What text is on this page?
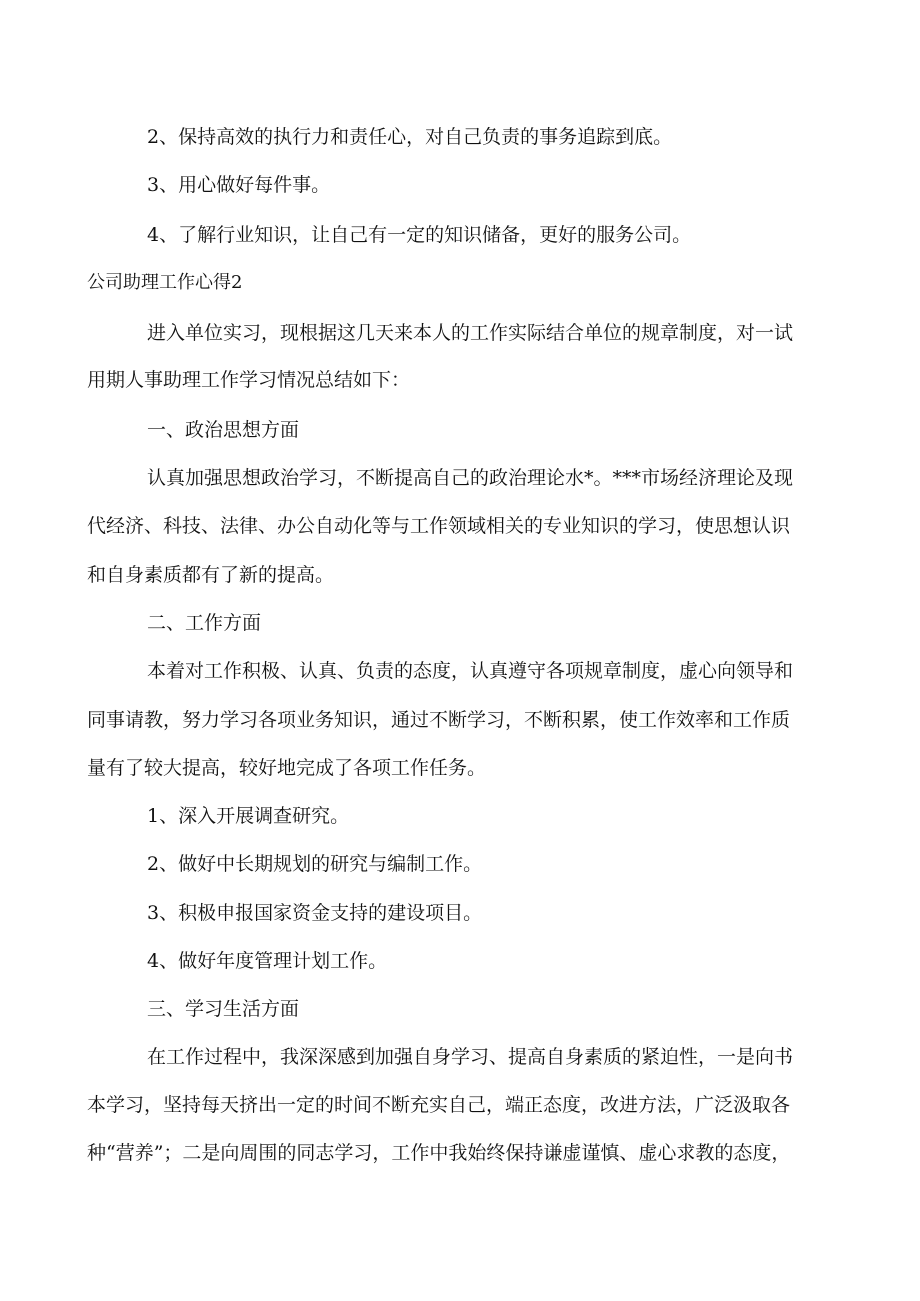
2、保持高效的执行力和责任心，对自己负责的事务追踪到底。

3、用心做好每件事。

4、了解行业知识，让自己有一定的知识储备，更好的服务公司。

公司助理工作心得2

进入单位实习，现根据这几天来本人的工作实际结合单位的规章制度，对一试

用期人事助理工作学习情况总结如下：

一、政治思想方面

认真加强思想政治学习，不断提高自己的政治理论水*。***市场经济理论及现

代经济、科技、法律、办公自动化等与工作领域相关的专业知识的学习，使思想认识

和自身素质都有了新的提高。

二、工作方面

本着对工作积极、认真、负责的态度，认真遵守各项规章制度，虚心向领导和

同事请教，努力学习各项业务知识，通过不断学习，不断积累，使工作效率和工作质

量有了较大提高，较好地完成了各项工作任务。

1、深入开展调查研究。

2、做好中长期规划的研究与编制工作。

3、积极申报国家资金支持的建设项目。

4、做好年度管理计划工作。

三、学习生活方面

在工作过程中，我深深感到加强自身学习、提高自身素质的紧迫性，一是向书

本学习，坚持每天挤出一定的时间不断充实自己，端正态度，改进方法，广泛汲取各

种“营养”；二是向周围的同志学习，工作中我始终保持谦虚谨慎、虚心求教的态度，
